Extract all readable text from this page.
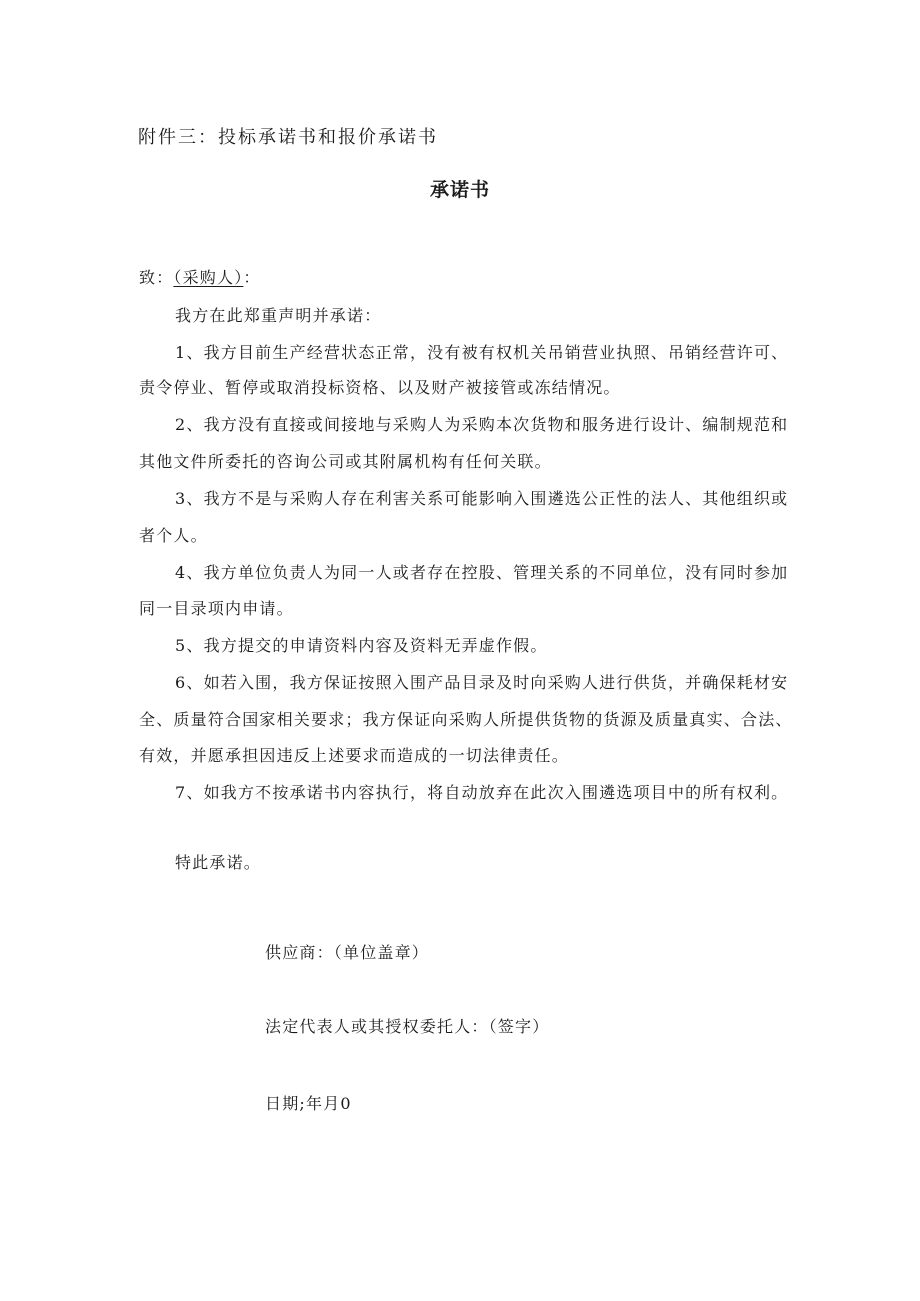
附件三：投标承诺书和报价承诺书
承诺书
致：（采购人）：
我方在此郑重声明并承诺：
1、我方目前生产经营状态正常，没有被有权机关吊销营业执照、吊销经营许可、
责令停业、暂停或取消投标资格、以及财产被接管或冻结情况。
2、我方没有直接或间接地与采购人为采购本次货物和服务进行设计、编制规范和
其他文件所委托的咨询公司或其附属机构有任何关联。
3、我方不是与采购人存在利害关系可能影响入围遴选公正性的法人、其他组织或
者个人。
4、我方单位负责人为同一人或者存在控股、管理关系的不同单位，没有同时参加
同一目录项内申请。
5、我方提交的申请资料内容及资料无弄虚作假。
6、如若入围，我方保证按照入围产品目录及时向采购人进行供货，并确保耗材安
全、质量符合国家相关要求；我方保证向采购人所提供货物的货源及质量真实、合法、
有效，并愿承担因违反上述要求而造成的一切法律责任。
7、如我方不按承诺书内容执行，将自动放弃在此次入围遴选项目中的所有权利。
特此承诺。
供应商：（单位盖章）
法定代表人或其授权委托人：（签字）
日期;年月0
